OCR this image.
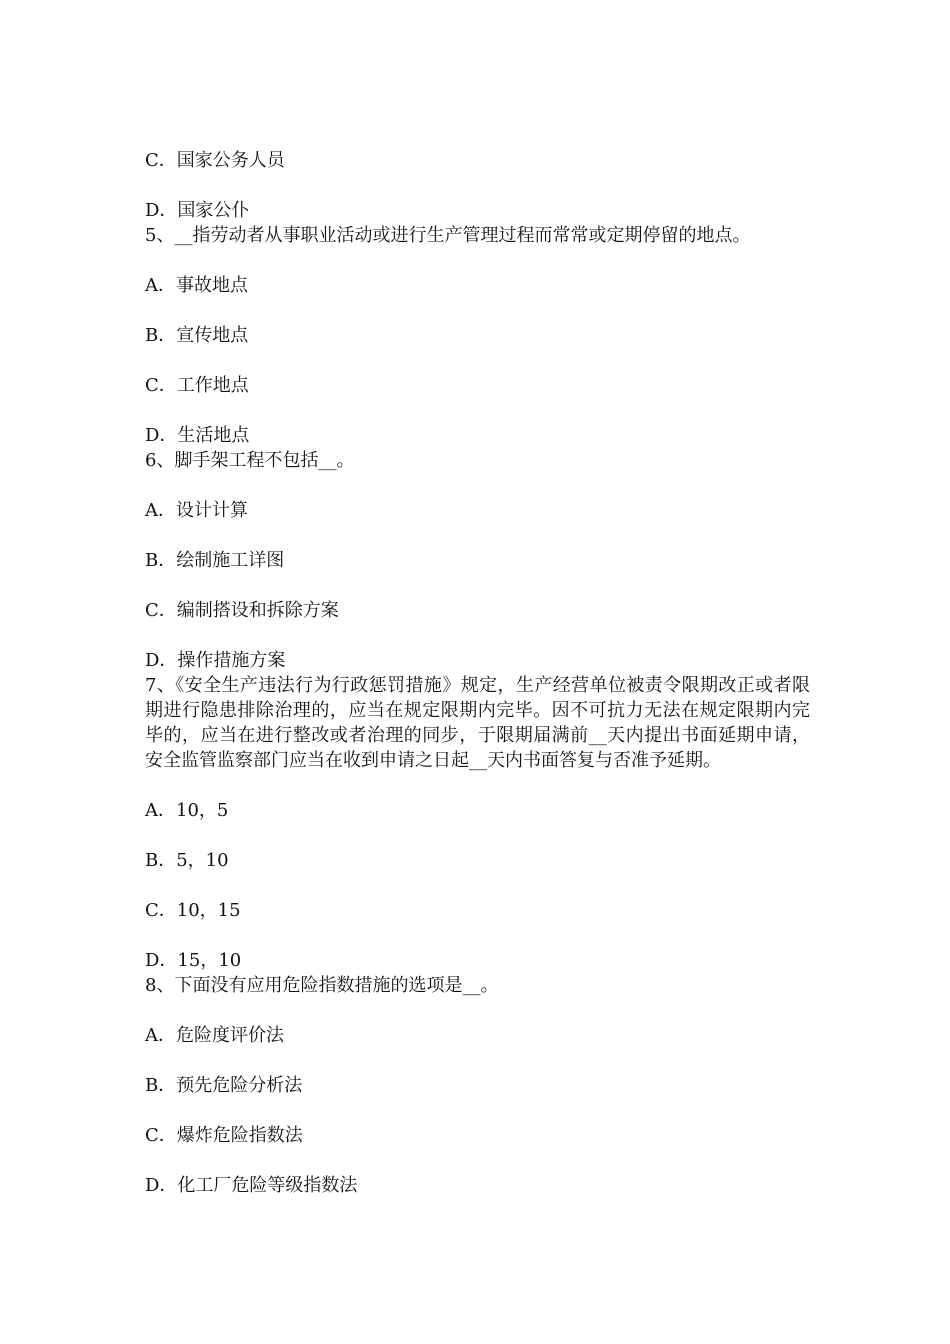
C．国家公务人员

D．国家公仆

5、__指劳动者从事职业活动或进行生产管理过程而常常或定期停留的地点。

A．事故地点

B．宣传地点

C．工作地点

D．生活地点

6、脚手架工程不包括__。

A．设计计算

B．绘制施工详图

C．编制搭设和拆除方案

D．操作措施方案

7、《安全生产违法行为行政惩罚措施》规定，生产经营单位被责令限期改正或者限期进行隐患排除治理的，应当在规定限期内完毕。因不可抗力无法在规定限期内完毕的，应当在进行整改或者治理的同步，于限期届满前__天内提出书面延期申请，安全监管监察部门应当在收到申请之日起__天内书面答复与否准予延期。

A．10，5

B．5，10

C．10，15

D．15，10

8、下面没有应用危险指数措施的选项是__。

A．危险度评价法

B．预先危险分析法

C．爆炸危险指数法

D．化工厂危险等级指数法
